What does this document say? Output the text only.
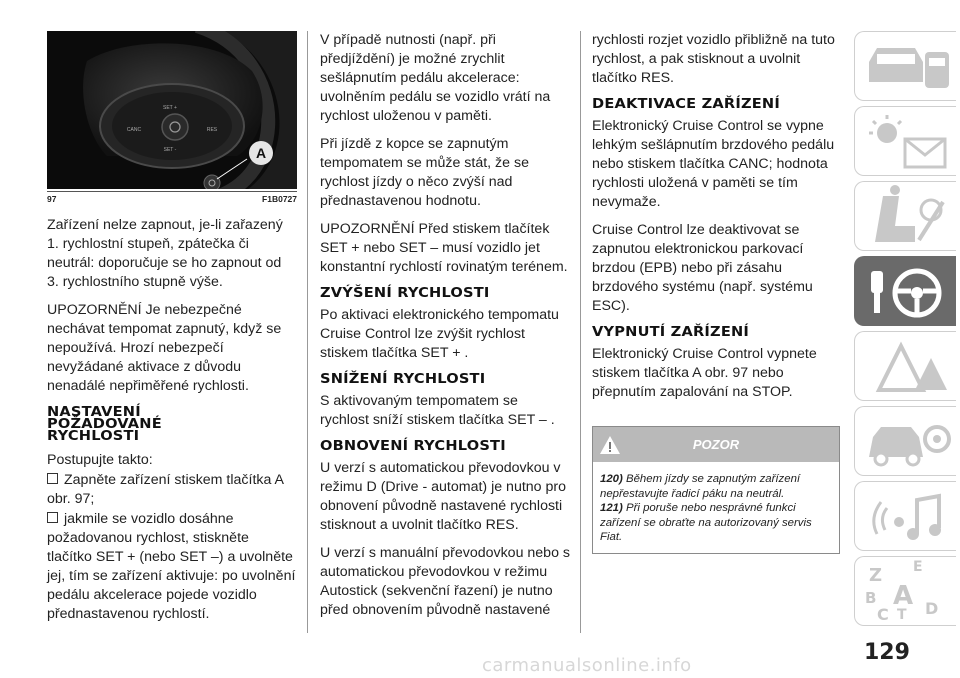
A
SET +
CANC	RES
SET -
97	F1B0727

Zařízení nelze zapnout, je-li zařazený 1. rychlostní stupeň, zpátečka či neutrál: doporučuje se ho zapnout od 3. rychlostního stupně výše.

UPOZORNĚNÍ Je nebezpečné nechávat tempomat zapnutý, když se nepoužívá. Hrozí nebezpečí nevyžádané aktivace z důvodu nenadálé nepřiměřené rychlosti.

NASTAVENÍ POŽADOVANÉ RYCHLOSTI

Postupujte takto:

Zapněte zařízení stiskem tlačítka A obr. 97;

jakmile se vozidlo dosáhne požadovanou rychlost, stiskněte tlačítko SET + (nebo SET –) a uvolněte jej, tím se zařízení aktivuje: po uvolnění pedálu akcelerace pojede vozidlo přednastavenou rychlostí.

V případě nutnosti (např. při předjíždění) je možné zrychlit sešlápnutím pedálu akcelerace: uvolněním pedálu se vozidlo vrátí na rychlost uloženou v paměti.

Při jízdě z kopce se zapnutým tempomatem se může stát, že se rychlost jízdy o něco zvýší nad přednastavenou hodnotu.

UPOZORNĚNÍ Před stiskem tlačítek SET + nebo SET – musí vozidlo jet konstantní rychlostí rovinatým terénem.

ZVÝŠENÍ RYCHLOSTI

Po aktivaci elektronického tempomatu Cruise Control lze zvýšit rychlost stiskem tlačítka SET + .

SNÍŽENÍ RYCHLOSTI

S aktivovaným tempomatem se rychlost sníží stiskem tlačítka SET – .

OBNOVENÍ RYCHLOSTI

U verzí s automatickou převodovkou v režimu D (Drive - automat) je nutno pro obnovení původně nastavené rychlosti stisknout a uvolnit tlačítko RES.

U verzí s manuální převodovkou nebo s automatickou převodovkou v režimu Autostick (sekvenční řazení) je nutno před obnovením původně nastavené

rychlosti rozjet vozidlo přibližně na tuto rychlost, a pak stisknout a uvolnit tlačítko RES.

DEAKTIVACE ZAŘÍZENÍ

Elektronický Cruise Control se vypne lehkým sešlápnutím brzdového pedálu nebo stiskem tlačítka CANC; hodnota rychlosti uložená v paměti se tím nevymaže.

Cruise Control lze deaktivovat se zapnutou elektronickou parkovací brzdou (EPB) nebo při zásahu brzdového systému (např. systému ESC).

VYPNUTÍ ZAŘÍZENÍ

Elektronický Cruise Control vypnete stiskem tlačítka A obr. 97 nebo přepnutím zapalování na STOP.

POZOR
120) Během jízdy se zapnutým zařízení nepřestavujte řadicí páku na neutrál.
121) Při poruše nebo nesprávné funkci zařízení se obraťte na autorizovaný servis Fiat.
Z E
B A
C T D
129
carmanualsonline.info
